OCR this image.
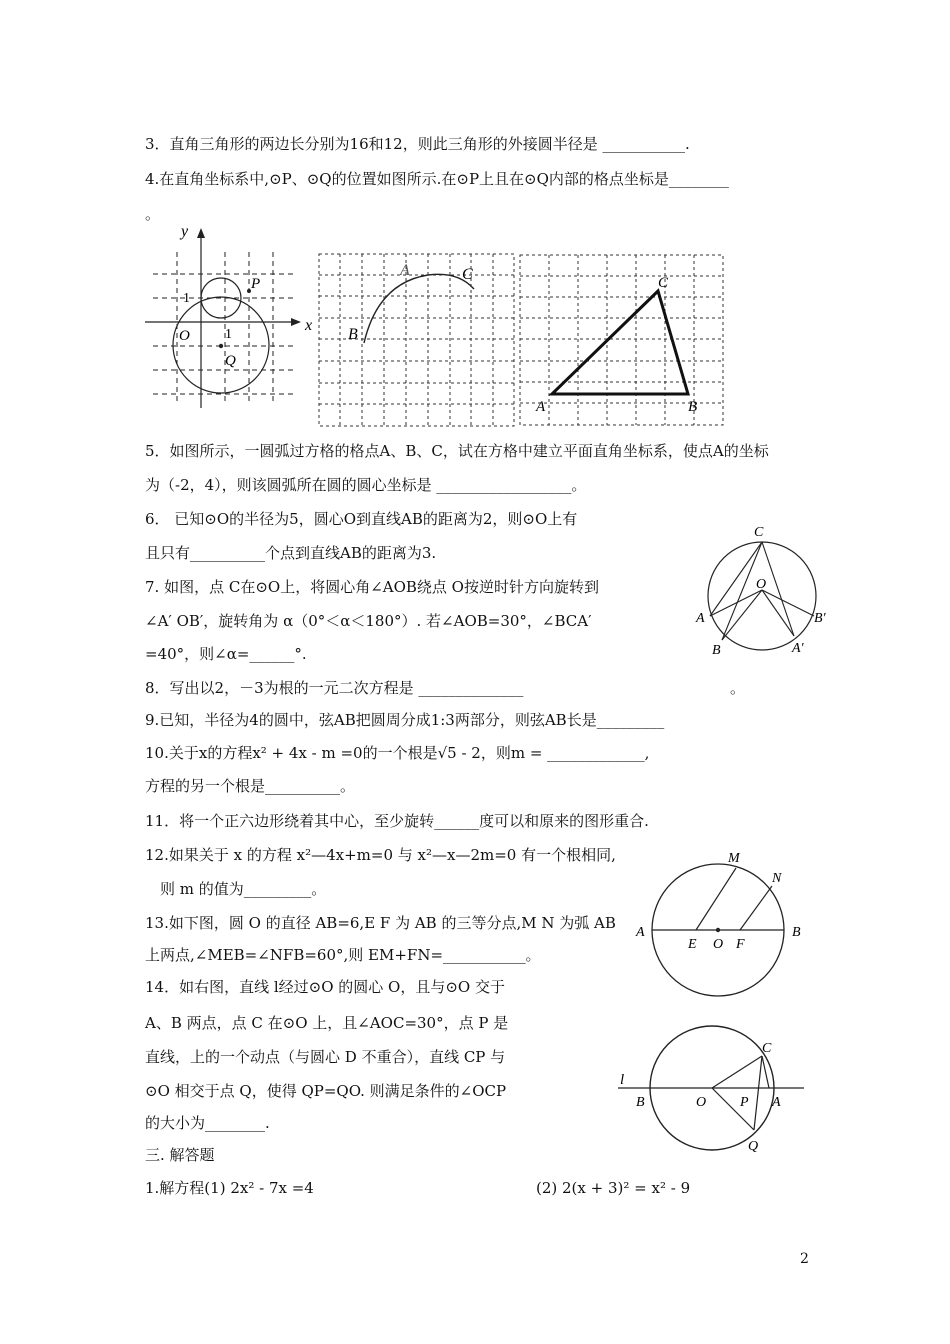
3．直角三角形的两边长分别为16和12，则此三角形的外接圆半径是 ___________.
4.在直角坐标系中,⊙P、⊙Q的位置如图所示.在⊙P上且在⊙Q内部的格点坐标是________
。
y
x
P
O
Q
1
1
A
B
C
A	B
C
5．如图所示，一圆弧过方格的格点A、B、C，试在方格中建立平面直角坐标系，使点A的坐标
为（-2，4），则该圆弧所在圆的圆心坐标是 __________________。
6． 已知⊙O的半径为5，圆心O到直线AB的距离为2，则⊙O上有
且只有__________个点到直线AB的距离为3.
7. 如图，点 C在⊙O上，将圆心角∠AOB绕点 O按逆时针方向旋转到
∠A′ OB′，旋转角为 α（0°＜α＜180°）. 若∠AOB=30°，∠BCA′
=40°，则∠α=______°.
C
O
A
B
B′
A′
8．写出以2，－3为根的一元二次方程是 ______________	。
9.已知，半径为4的圆中，弦AB把圆周分成1:3两部分，则弦AB长是_________
10.关于x的方程x² + 4x - m =0的一个根是√5 - 2，则m = _____________,
方程的另一个根是__________。
11．将一个正六边形绕着其中心，至少旋转______度可以和原来的图形重合.
12.如果关于 x 的方程 x²—4x+m=0 与 x²—x—2m=0 有一个根相同,
则 m 的值为_________。
13.如下图，圆 O 的直径 AB=6,E F 为 AB 的三等分点,M N 为弧 AB
上两点,∠MEB=∠NFB=60°,则 EM+FN=___________。
M
N
A	B
E O F
14．如右图，直线 l经过⊙O 的圆心 O，且与⊙O 交于
A、B 两点，点 C 在⊙O 上，且∠AOC=30°，点 P 是
直线，上的一个动点（与圆心 D 不重合），直线 CP 与
⊙O 相交于点 Q，使得 QP=QO. 则满足条件的∠OCP
的大小为________.
l
B	O P A
C
Q
三. 解答题
1.解方程(1) 2x² - 7x =4	(2) 2(x + 3)² = x² - 9
2
